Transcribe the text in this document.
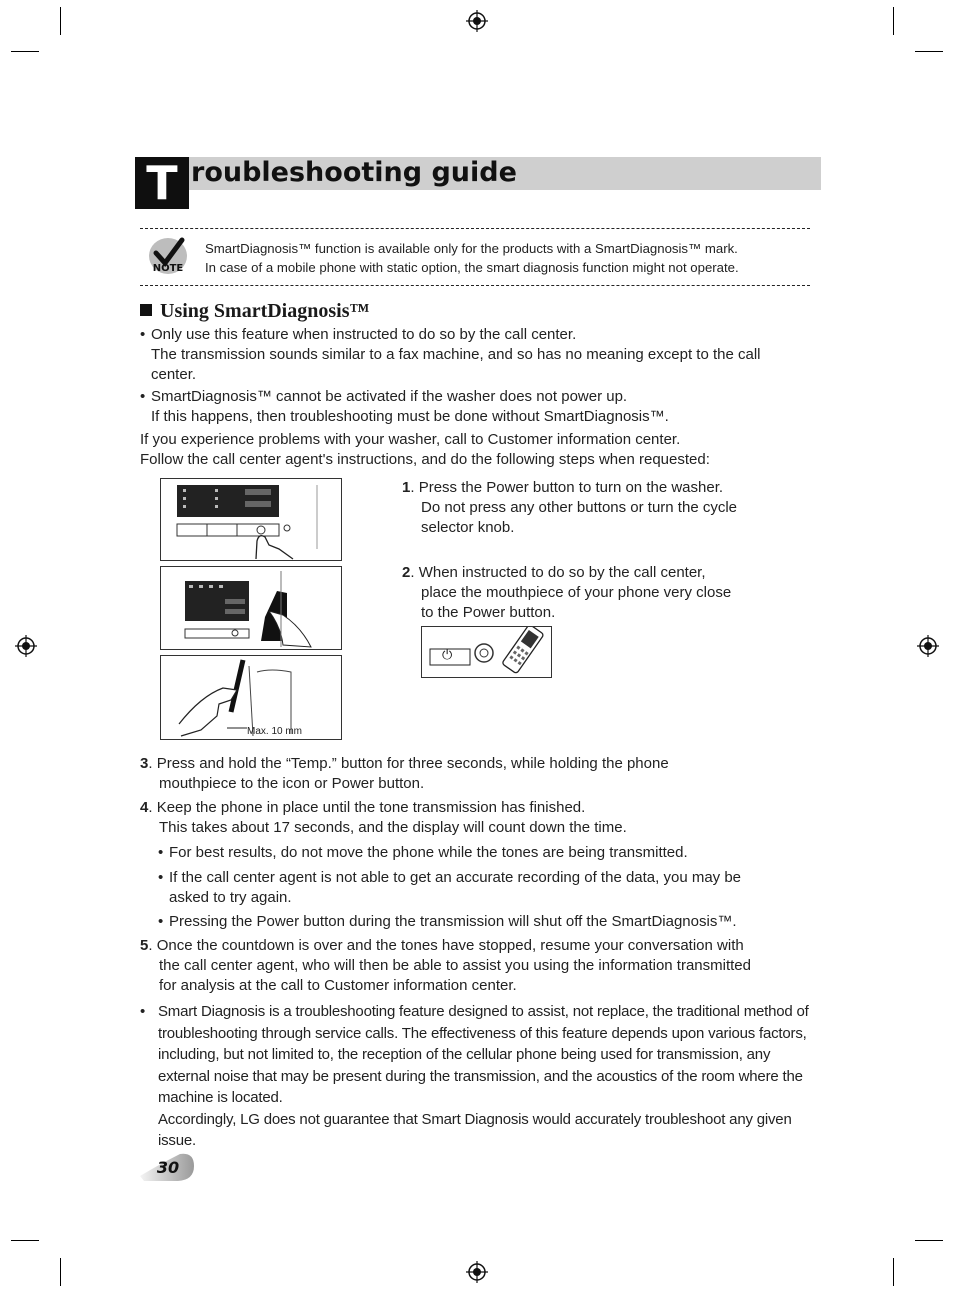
T roubleshooting guide
NOTE
SmartDiagnosis™ function is available only for the products with a SmartDiagnosis™ mark.
In case of a mobile phone with static option, the smart diagnosis function might not operate.
Using SmartDiagnosis™
• Only use this feature when instructed to do so by the call center.
The transmission sounds similar to a fax machine, and so has no meaning except to the call
center.
• SmartDiagnosis™ cannot be activated if the washer does not power up.
If this happens, then troubleshooting must be done without SmartDiagnosis™.
If you experience problems with your washer, call to Customer information center.
Follow the call center agent's instructions, and do the following steps when requested:
Max. 10 mm
1. Press the Power button to turn on the washer.
Do not press any other buttons or turn the cycle
selector knob.
2. When instructed to do so by the call center,
place the mouthpiece of your phone very close
to the Power button.
⏻
3. Press and hold the “Temp.” button for three seconds, while holding the phone
mouthpiece to the icon or Power button.
4. Keep the phone in place until the tone transmission has finished.
This takes about 17 seconds, and the display will count down the time.
• For best results, do not move the phone while the tones are being transmitted.
• If the call center agent is not able to get an accurate recording of the data, you may be
asked to try again.
• Pressing the Power button during the transmission will shut off the SmartDiagnosis™.
5. Once the countdown is over and the tones have stopped, resume your conversation with
the call center agent, who will then be able to assist you using the information transmitted
for analysis at the call to Customer information center.
• Smart Diagnosis is a troubleshooting feature designed to assist, not replace, the traditional method of
troubleshooting through service calls. The effectiveness of this feature depends upon various factors,
including, but not limited to, the reception of the cellular phone being used for transmission, any
external noise that may be present during the transmission, and the acoustics of the room where the
machine is located.
Accordingly, LG does not guarantee that Smart Diagnosis would accurately troubleshoot any given
issue.
30
